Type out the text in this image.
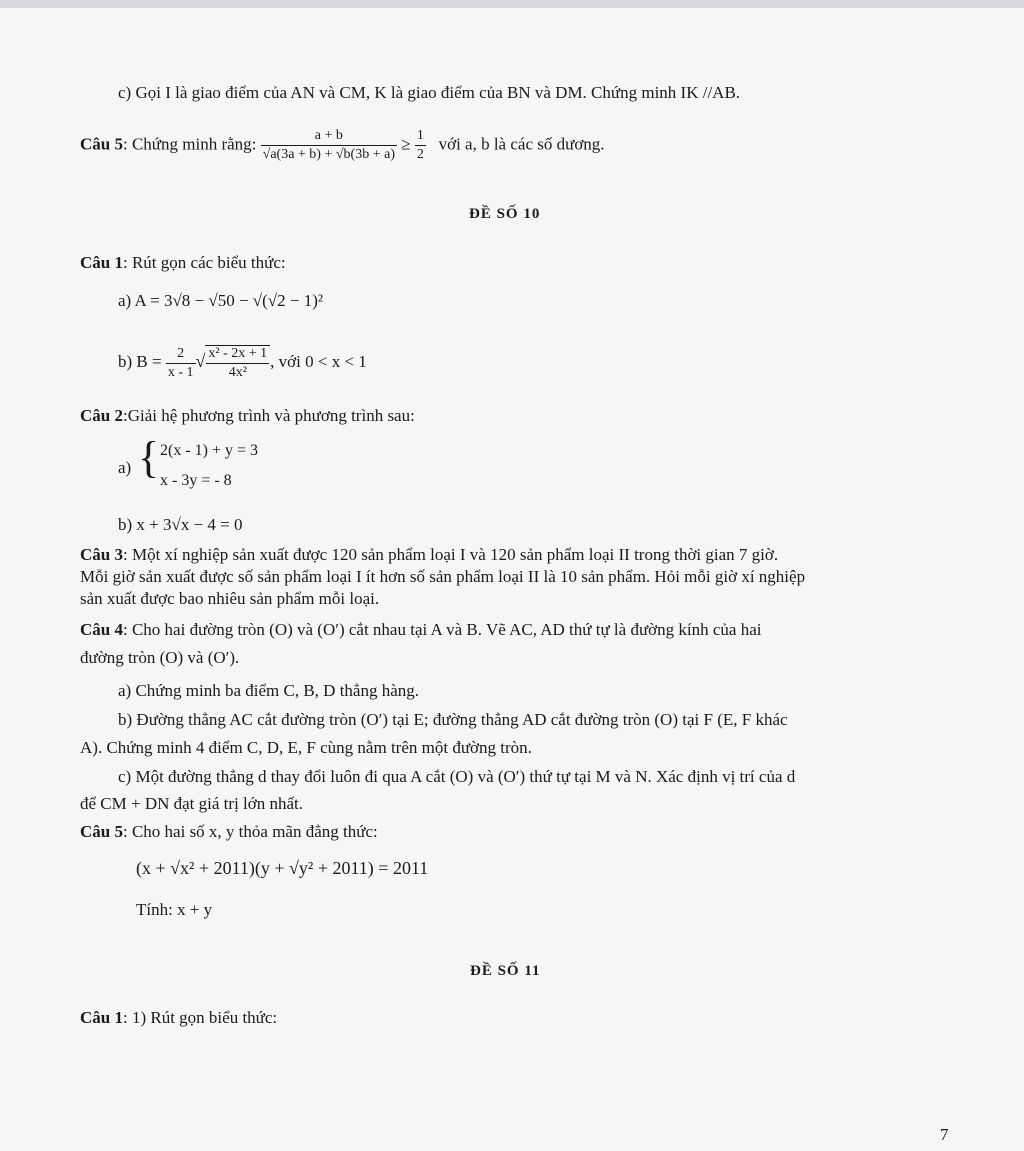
c) Gọi I là giao điểm của AN và CM, K là giao điểm của BN và DM. Chứng minh IK //AB.
Câu 5: Chứng minh rằng: $\frac{a + b}{√a(3a + b) + √b(3b + a)} \ge \frac{1}{2}$ với a, b là các số dương.
ĐỀ SỐ 10
Câu 1: Rút gọn các biểu thức:
a) A = 3√8 − √50 − √(√2 − 1)²
b) $B = \frac{2}{x - 1}$ √ $\frac{\text{x² - 2x + 1}}{\text{4x²}}$ , với 0 < x < 1
Câu 2:Giải hệ phương trình và phương trình sau:
a) { 2(x - 1) + y = 3
x - 3y = - 8
b) x + 3√x − 4 = 0
Câu 3: Một xí nghiệp sản xuất được 120 sản phẩm loại I và 120 sản phẩm loại II trong thời gian 7 giờ.
Mỗi giờ sản xuất được số sản phẩm loại I ít hơn số sản phẩm loại II là 10 sản phẩm. Hỏi mỗi giờ xí nghiệp
sản xuất được bao nhiêu sản phẩm mỗi loại.
Câu 4: Cho hai đường tròn (O) và (O′) cắt nhau tại A và B. Vẽ AC, AD thứ tự là đường kính của hai
đường tròn (O) và (O′).
a) Chứng minh ba điểm C, B, D thẳng hàng.
b) Đường thẳng AC cắt đường tròn (O′) tại E; đường thẳng AD cắt đường tròn (O) tại F (E, F khác
A). Chứng minh 4 điểm C, D, E, F cùng nằm trên một đường tròn.
c) Một đường thẳng d thay đổi luôn đi qua A cắt (O) và (O′) thứ tự tại M và N. Xác định vị trí của d
để CM + DN đạt giá trị lớn nhất.
Câu 5: Cho hai số x, y thỏa mãn đẳng thức:
(x + √x² + 2011)(y + √y² + 2011) = 2011
Tính: x + y
ĐỀ SỐ 11
Câu 1: 1) Rút gọn biểu thức:
7
